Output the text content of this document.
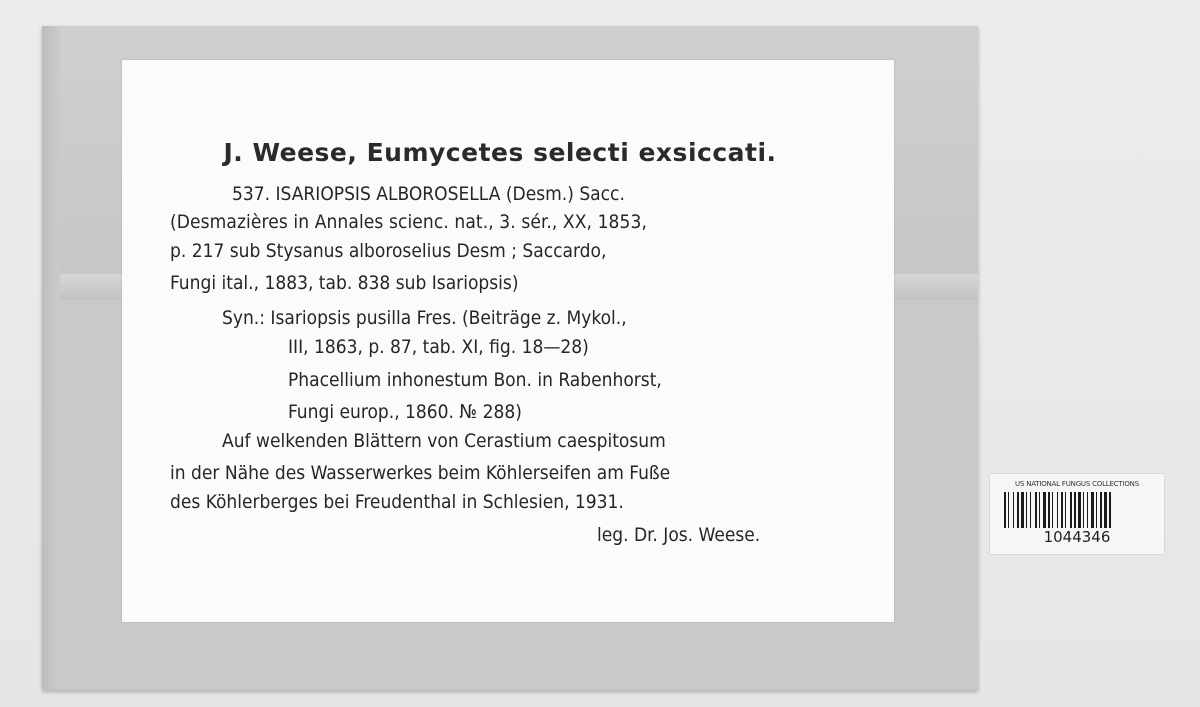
J. Weese, Eumycetes selecti exsiccati.
537. ISARIOPSIS ALBOROSELLA (Desm.) Sacc.
(Desmazières in Annales scienc. nat., 3. sér., XX, 1853,
p. 217 sub Stysanus alboroselius Desm ; Saccardo,
Fungi ital., 1883, tab. 838 sub Isariopsis)
Syn.: Isariopsis pusilla Fres. (Beiträge z. Mykol.,
III, 1863, p. 87, tab. XI, fig. 18—28)
Phacellium inhonestum Bon. in Rabenhorst,
Fungi europ., 1860. № 288)
Auf welkenden Blättern von Cerastium caespitosum
in der Nähe des Wasserwerkes beim Köhlerseifen am Fuße
des Köhlerberges bei Freudenthal in Schlesien, 1931.
leg. Dr. Jos. Weese.
US NATIONAL FUNGUS COLLECTIONS
1044346
